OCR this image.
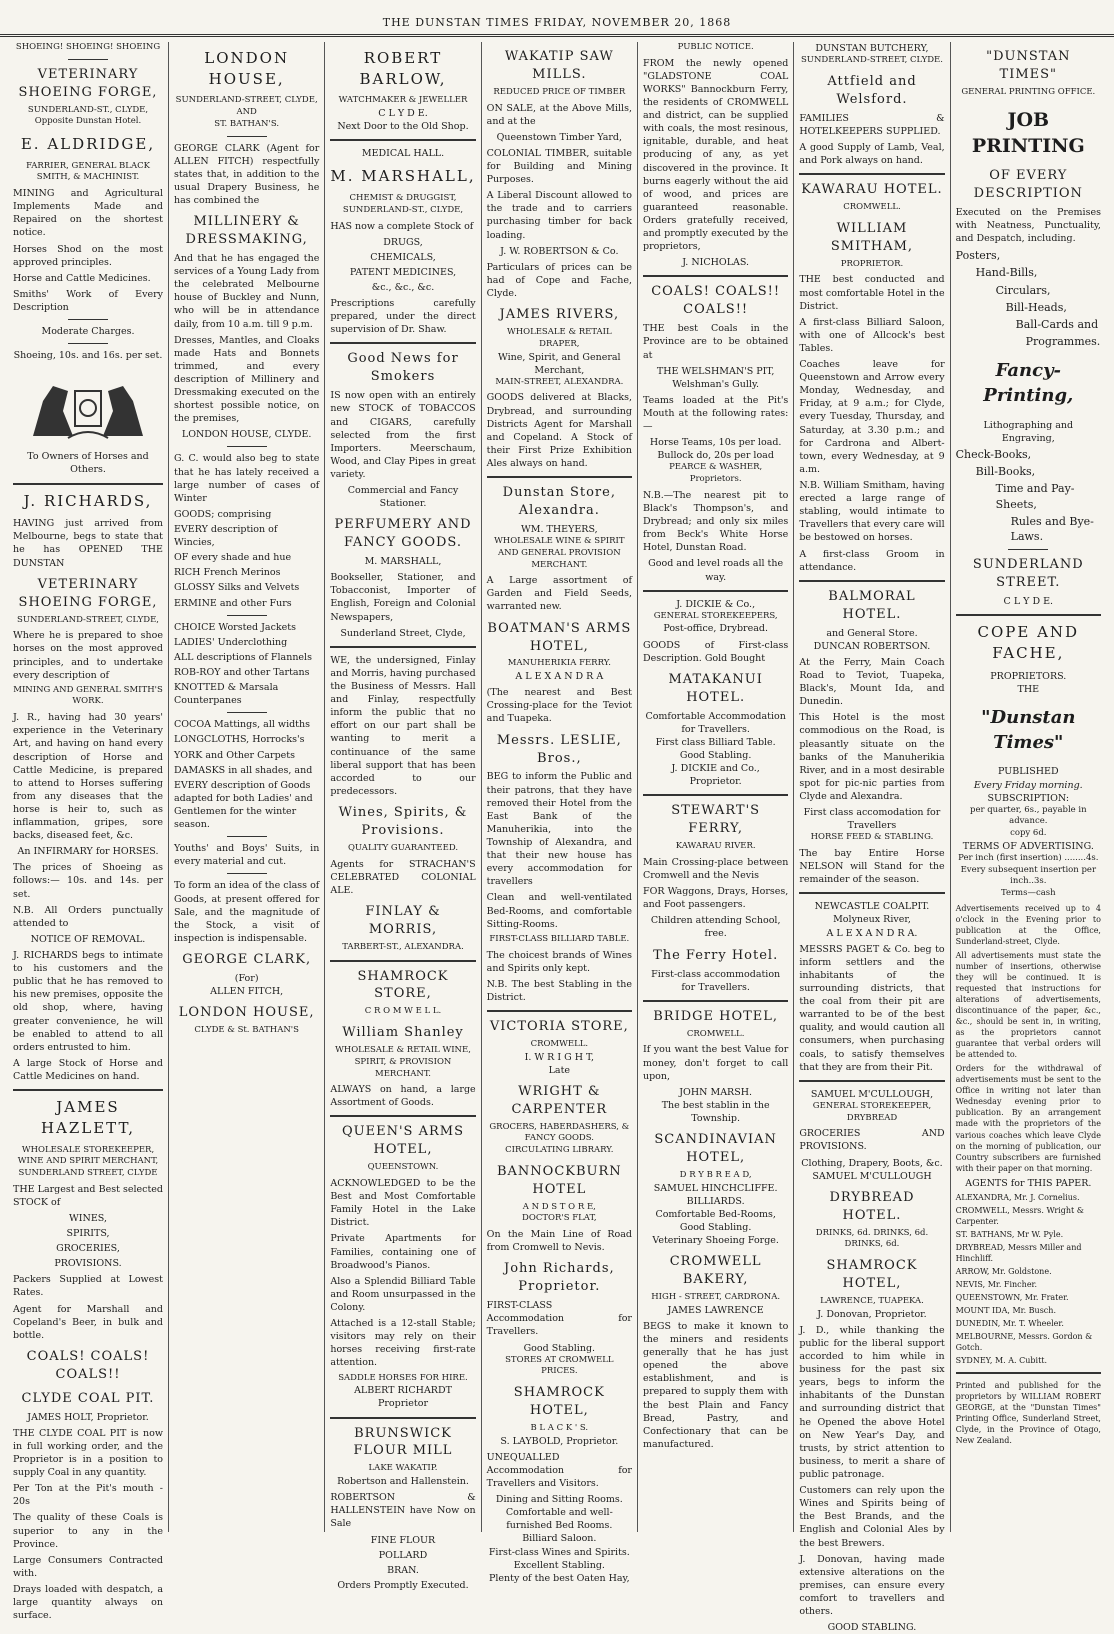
THE DUNSTAN TIMES FRIDAY, NOVEMBER 20, 1868
SHOEING! SHOEING! SHOEING
VETERINARY SHOEING FORGE,
SUNDERLAND-ST., CLYDE,
Opposite Dunstan Hotel.
E. ALDRIDGE,
FARRIER, GENERAL BLACK SMITH, & MACHINIST.

MINING and Agricultural Implements Made and Repaired on the shortest notice.

Horses Shod on the most approved principles.

Horse and Cattle Medicines.

Smiths' Work of Every Description

Moderate Charges.
Shoeing, 10s. and 16s. per set.
To Owners of Horses and Others.
J. RICHARDS,

HAVING just arrived from Melbourne, begs to state that he has OPENED THE DUNSTAN

VETERINARY SHOEING FORGE,
SUNDERLAND-STREET, CLYDE,

Where he is prepared to shoe horses on the most approved principles, and to undertake every description of

MINING AND GENERAL SMITH'S WORK.

J. R., having had 30 years' experience in the Veterinary Art, and having on hand every description of Horse and Cattle Medicine, is prepared to attend to Horses suffering from any diseases that the horse is heir to, such as inflammation, gripes, sore backs, diseased feet, &c.

An INFIRMARY for HORSES.

The prices of Shoeing as follows:— 10s. and 14s. per set.

N.B. All Orders punctually attended to

NOTICE OF REMOVAL.

J. RICHARDS begs to intimate to his customers and the public that he has removed to his new premises, opposite the old shop, where, having greater convenience, he will be enabled to attend to all orders entrusted to him.

A large Stock of Horse and Cattle Medicines on hand.

JAMES HAZLETT,
WHOLESALE STOREKEEPER, WINE AND SPIRIT MERCHANT,
SUNDERLAND STREET, CLYDE

THE Largest and Best selected STOCK of

WINES,

SPIRITS,

GROCERIES,

PROVISIONS.

Packers Supplied at Lowest Rates.

Agent for Marshall and Copeland's Beer, in bulk and bottle.

COALS! COALS! COALS!!
CLYDE COAL PIT.
JAMES HOLT, Proprietor.

THE CLYDE COAL PIT is now in full working order, and the Proprietor is in a position to supply Coal in any quantity.

Per Ton at the Pit's mouth - 20s

The quality of these Coals is superior to any in the Province.

Large Consumers Contracted with.

Drays loaded with despatch, a large quantity always on surface.

LONDON HOUSE,
SUNDERLAND-STREET, CLYDE,
AND
ST. BATHAN'S.

GEORGE CLARK (Agent for ALLEN FITCH) respectfully states that, in addition to the usual Drapery Business, he has combined the

MILLINERY & DRESSMAKING,

And that he has engaged the services of a Young Lady from the celebrated Melbourne house of Buckley and Nunn, who will be in attendance daily, from 10 a.m. till 9 p.m.

Dresses, Mantles, and Cloaks made Hats and Bonnets trimmed, and every description of Millinery and Dressmaking executed on the shortest possible notice, on the premises,

LONDON HOUSE, CLYDE.

G. C. would also beg to state that he has lately received a large number of cases of Winter

GOODS; comprising

EVERY description of Wincies,

OF every shade and hue

RICH French Merinos

GLOSSY Silks and Velvets

ERMINE and other Furs

CHOICE Worsted Jackets

LADIES' Underclothing

ALL descriptions of Flannels

ROB-ROY and other Tartans

KNOTTED & Marsala Counterpanes

COCOA Mattings, all widths

LONGCLOTHS, Horrocks's

YORK and Other Carpets

DAMASKS in all shades, and

EVERY description of Goods adapted for both Ladies' and Gentlemen for the winter season.

Youths' and Boys' Suits, in every material and cut.

To form an idea of the class of Goods, at present offered for Sale, and the magnitude of the Stock, a visit of inspection is indispensable.

GEORGE CLARK,
(For)
ALLEN FITCH,
LONDON HOUSE,
CLYDE & St. BATHAN'S
ROBERT BARLOW,
WATCHMAKER & JEWELLER
C L Y D E.
Next Door to the Old Shop.
MEDICAL HALL.
M. MARSHALL,
CHEMIST & DRUGGIST,
SUNDERLAND-ST., CLYDE,

HAS now a complete Stock of

DRUGS,

CHEMICALS,

PATENT MEDICINES,

&c., &c., &c.

Prescriptions carefully prepared, under the direct supervision of Dr. Shaw.

Good News for Smokers

IS now open with an entirely new STOCK of TOBACCOS and CIGARS, carefully selected from the first Importers. Meerschaum, Wood, and Clay Pipes in great variety.

Commercial and Fancy Stationer.
PERFUMERY AND FANCY GOODS.
M. MARSHALL,

Bookseller, Stationer, and Tobacconist, Importer of English, Foreign and Colonial Newspapers,

Sunderland Street, Clyde,

WE, the undersigned, Finlay and Morris, having purchased the Business of Messrs. Hall and Finlay, respectfully inform the public that no effort on our part shall be wanting to merit a continuance of the same liberal support that has been accorded to our predecessors.

Wines, Spirits, & Provisions.
QUALITY GUARANTEED.

Agents for STRACHAN'S CELEBRATED COLONIAL ALE.

FINLAY & MORRIS,
TARBERT-ST., ALEXANDRA.
SHAMROCK STORE,
C R O M W E L L.
William Shanley
WHOLESALE & RETAIL WINE, SPIRIT, & PROVISION MERCHANT.

ALWAYS on hand, a large Assortment of Goods.

QUEEN'S ARMS HOTEL,
QUEENSTOWN.

ACKNOWLEDGED to be the Best and Most Comfortable Family Hotel in the Lake District.

Private Apartments for Families, containing one of Broadwood's Pianos.

Also a Splendid Billiard Table and Room unsurpassed in the Colony.

Attached is a 12-stall Stable; visitors may rely on their horses receiving first-rate attention.

SADDLE HORSES FOR HIRE.
ALBERT RICHARDT
Proprietor
BRUNSWICK FLOUR MILL
LAKE WAKATIP.
Robertson and Hallenstein.

ROBERTSON & HALLENSTEIN have Now on Sale

FINE FLOUR

POLLARD

BRAN.

Orders Promptly Executed.
WAKATIP SAW MILLS.
REDUCED PRICE OF TIMBER

ON SALE, at the Above Mills, and at the

Queenstown Timber Yard,

COLONIAL TIMBER, suitable for Building and Mining Purposes.

A Liberal Discount allowed to the trade and to carriers purchasing timber for back loading.

J. W. ROBERTSON & Co.

Particulars of prices can be had of Cope and Fache, Clyde.

JAMES RIVERS,
WHOLESALE & RETAIL DRAPER,
Wine, Spirit, and General Merchant,
MAIN-STREET, ALEXANDRA.

GOODS delivered at Blacks, Drybread, and surrounding Districts Agent for Marshall and Copeland. A Stock of their First Prize Exhibition Ales always on hand.

Dunstan Store, Alexandra.
WM. THEYERS,
WHOLESALE WINE & SPIRIT AND GENERAL PROVISION MERCHANT.

A Large assortment of Garden and Field Seeds, warranted new.

BOATMAN'S ARMS HOTEL,
MANUHERIKIA FERRY.
A L E X A N D R A

(The nearest and Best Crossing-place for the Teviot and Tuapeka.

Messrs. LESLIE, Bros.,

BEG to inform the Public and their patrons, that they have removed their Hotel from the East Bank of the Manuherikia, into the Township of Alexandra, and that their new house has every accommodation for travellers

Clean and well-ventilated Bed-Rooms, and comfortable Sitting-Rooms.

FIRST-CLASS BILLIARD TABLE.

The choicest brands of Wines and Spirits only kept.

N.B. The best Stabling in the District.

VICTORIA STORE,
CROMWELL.
I. W R I G H T,
Late
WRIGHT & CARPENTER
GROCERS, HABERDASHERS, & FANCY GOODS.
CIRCULATING LIBRARY.
BANNOCKBURN HOTEL
A N D S T O R E,
DOCTOR'S FLAT,

On the Main Line of Road from Cromwell to Nevis.

John Richards, Proprietor.

FIRST-CLASS Accommodation for Travellers.

Good Stabling.
STORES AT CROMWELL PRICES.
SHAMROCK HOTEL,
B L A C K ' S.
S. LAYBOLD, Proprietor.

UNEQUALLED Accommodation for Travellers and Visitors.

Dining and Sitting Rooms.
Comfortable and well-furnished Bed Rooms.
Billiard Saloon.
First-class Wines and Spirits.
Excellent Stabling.
Plenty of the best Oaten Hay,
PUBLIC NOTICE.

FROM the newly opened "GLADSTONE COAL WORKS" Bannockburn Ferry, the residents of CROMWELL and district, can be supplied with coals, the most resinous, ignitable, durable, and heat producing of any, as yet discovered in the province. It burns eagerly without the aid of wood, and prices are guaranteed reasonable. Orders gratefully received, and promptly executed by the proprietors,

J. NICHOLAS.
COALS! COALS!! COALS!!

THE best Coals in the Province are to be obtained at

THE WELSHMAN'S PIT,
Welshman's Gully.

Teams loaded at the Pit's Mouth at the following rates:—

Horse Teams, 10s per load.
Bullock do, 20s per load
PEARCE & WASHER, Proprietors.

N.B.—The nearest pit to Black's Thompson's, and Drybread; and only six miles from Beck's White Horse Hotel, Dunstan Road.

Good and level roads all the way.
J. DICKIE & Co.,
GENERAL STOREKEEPERS,
Post-office, Drybread.

GOODS of First-class Description. Gold Bought

MATAKANUI HOTEL.
Comfortable Accommodation for Travellers.
First class Billiard Table.
Good Stabling.
J. DICKIE and Co.,
Proprietor.
STEWART'S FERRY,
KAWARAU RIVER.

Main Crossing-place between Cromwell and the Nevis

FOR Waggons, Drays, Horses, and Foot passengers.

Children attending School, free.
The Ferry Hotel.
First-class accommodation for Travellers.
BRIDGE HOTEL,
CROMWELL.

If you want the best Value for money, don't forget to call upon,

JOHN MARSH.
The best stablin in the Township.
SCANDINAVIAN HOTEL,
D R Y B R E A D,
SAMUEL HINCHCLIFFE.
BILLIARDS.
Comfortable Bed-Rooms,
Good Stabling.
Veterinary Shoeing Forge.
CROMWELL BAKERY,
HIGH - STREET, CARDRONA.
JAMES LAWRENCE

BEGS to make it known to the miners and residents generally that he has just opened the above establishment, and is prepared to supply them with the best Plain and Fancy Bread, Pastry, and Confectionary that can be manufactured.

DUNSTAN BUTCHERY,
SUNDERLAND-STREET, CLYDE.
Attfield and Welsford.

FAMILIES & HOTELKEEPERS SUPPLIED.

A good Supply of Lamb, Veal, and Pork always on hand.

KAWARAU HOTEL.
CROMWELL.
WILLIAM SMITHAM,
PROPRIETOR.

THE best conducted and most comfortable Hotel in the District.

A first-class Billiard Saloon, with one of Allcock's best Tables.

Coaches leave for Queenstown and Arrow every Monday, Wednesday, and Friday, at 9 a.m.; for Clyde, every Tuesday, Thursday, and Saturday, at 3.30 p.m.; and for Cardrona and Albert-town, every Wednesday, at 9 a.m.

N.B. William Smitham, having erected a large range of stabling, would intimate to Travellers that every care will be bestowed on horses.

A first-class Groom in attendance.

BALMORAL HOTEL.
and General Store.
DUNCAN ROBERTSON.

At the Ferry, Main Coach Road to Teviot, Tuapeka, Black's, Mount Ida, and Dunedin.

This Hotel is the most commodious on the Road, is pleasantly situate on the banks of the Manuherikia River, and in a most desirable spot for pic-nic parties from Clyde and Alexandra.

First class accomodation for Travellers
HORSE FEED & STABLING.

The bay Entire Horse NELSON will Stand for the remainder of the season.

NEWCASTLE COALPIT.
Molyneux River,
A L E X A N D R A.

MESSRS PAGET & Co. beg to inform settlers and the inhabitants of the surrounding districts, that the coal from their pit are warranted to be of the best quality, and would caution all consumers, when purchasing coals, to satisfy themselves that they are from their Pit.

SAMUEL M'CULLOUGH,
GENERAL STOREKEEPER,
DRYBREAD

GROCERIES AND PROVISIONS.

Clothing, Drapery, Boots, &c.
SAMUEL M'CULLOUGH
DRYBREAD HOTEL.
DRINKS, 6d. DRINKS, 6d. DRINKS, 6d.
SHAMROCK HOTEL,
LAWRENCE, TUAPEKA.
J. Donovan, Proprietor.

J. D., while thanking the public for the liberal support accorded to him while in business for the past six years, begs to inform the inhabitants of the Dunstan and surrounding district that he Opened the above Hotel on New Year's Day, and trusts, by strict attention to business, to merit a share of public patronage.

Customers can rely upon the Wines and Spirits being of the Best Brands, and the English and Colonial Ales by the best Brewers.

J. Donovan, having made extensive alterations on the premises, can ensure every comfort to travellers and others.

GOOD STABLING.
"DUNSTAN TIMES"
GENERAL PRINTING OFFICE.
JOB PRINTING
OF EVERY DESCRIPTION

Executed on the Premises with Neatness, Punctuality, and Despatch, including.

Posters,

Hand-Bills,

Circulars,

Bill-Heads,

Ball-Cards and

Programmes.

Fancy-Printing,
Lithographing and Engraving,

Check-Books,

Bill-Books,

Time and Pay-Sheets,

Rules and Bye-Laws.

SUNDERLAND STREET.
C L Y D E.
COPE AND FACHE,
PROPRIETORS.
THE
"Dunstan Times"
PUBLISHED
Every Friday morning.
SUBSCRIPTION:
per quarter, 6s., payable in advance.
copy 6d.
TERMS OF ADVERTISING.
Per inch (first insertion) ........4s.
Every subsequent insertion per inch..3s.
Terms—cash

Advertisements received up to 4 o'clock in the Evening prior to publication at the Office, Sunderland-street, Clyde.

All advertisements must state the number of insertions, otherwise they will be continued. It is requested that instructions for alterations of advertisements, discontinuance of the paper, &c., &c., should be sent in, in writing, as the proprietors cannot guarantee that verbal orders will be attended to.

Orders for the withdrawal of advertisements must be sent to the Office in writing not later than Wednesday evening prior to publication. By an arrangement made with the proprietors of the various coaches which leave Clyde on the morning of publication, our Country subscribers are furnished with their paper on that morning.

AGENTS for THIS PAPER.

ALEXANDRA, Mr. J. Cornelius.

CROMWELL, Messrs. Wright & Carpenter.

ST. BATHANS, Mr W. Pyle.

DRYBREAD, Messrs Miller and Hinchliff.

ARROW, Mr. Goldstone.

NEVIS, Mr. Fincher.

QUEENSTOWN, Mr. Frater.

MOUNT IDA, Mr. Busch.

DUNEDIN, Mr. T. Wheeler.

MELBOURNE, Messrs. Gordon & Gotch.

SYDNEY, M. A. Cubitt.

Printed and published for the proprietors by WILLIAM ROBERT GEORGE, at the "Dunstan Times" Printing Office, Sunderland Street, Clyde, in the Province of Otago, New Zealand.
